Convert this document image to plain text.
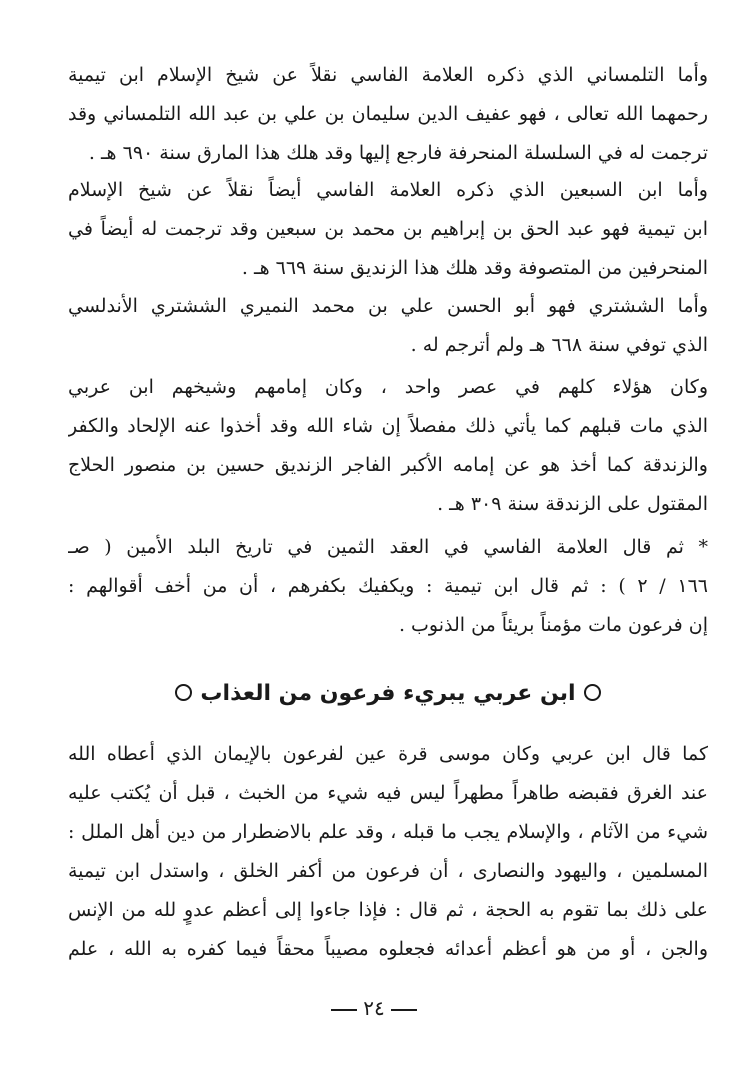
وأما التلمساني الذي ذكره العلامة الفاسي نقلاً عن شيخ الإسلام ابن تيمية
رحمهما الله تعالى ، فهو عفيف الدين سليمان بن علي بن عبد الله التلمساني وقد
ترجمت له في السلسلة المنحرفة فارجع إليها وقد هلك هذا المارق سنة ٦٩٠ هـ .
وأما ابن السبعين الذي ذكره العلامة الفاسي أيضاً نقلاً عن شيخ الإسلام
ابن تيمية فهو عبد الحق بن إبراهيم بن محمد بن سبعين وقد ترجمت له أيضاً في
المنحرفين من المتصوفة وقد هلك هذا الزنديق سنة ٦٦٩ هـ .
وأما الششتري فهو أبو الحسن علي بن محمد النميري الششتري الأندلسي
الذي توفي سنة ٦٦٨ هـ ولم أترجم له .
وكان هؤلاء كلهم في عصر واحد ، وكان إمامهم وشيخهم ابن عربي
الذي مات قبلهم كما يأتي ذلك مفصلاً إن شاء الله وقد أخذوا عنه الإلحاد والكفر
والزندقة كما أخذ هو عن إمامه الأكبر الفاجر الزنديق حسين بن منصور الحلاج
المقتول على الزندقة سنة ٣٠٩ هـ .
* ثم قال العلامة الفاسي في العقد الثمين في تاريخ البلد الأمين ( صـ
١٦٦ / ٢ ) : ثم قال ابن تيمية : ويكفيك بكفرهم ، أن من أخف أقوالهم :
إن فرعون مات مؤمناً بريئاً من الذنوب .
ابن عربي يبريء فرعون من العذاب
كما قال ابن عربي وكان موسى قرة عين لفرعون بالإيمان الذي أعطاه الله
عند الغرق فقبضه طاهراً مطهراً ليس فيه شيء من الخبث ، قبل أن يُكتب عليه
شيء من الآثام ، والإسلام يجب ما قبله ، وقد علم بالاضطرار من دين أهل الملل :
المسلمين ، واليهود والنصارى ، أن فرعون من أكفر الخلق ، واستدل ابن تيمية
على ذلك بما تقوم به الحجة ، ثم قال : فإذا جاءوا إلى أعظم عدوٍ لله من الإنس
والجن ، أو من هو أعظم أعدائه فجعلوه مصيباً محقاً فيما كفره به الله ، علم
٢٤
